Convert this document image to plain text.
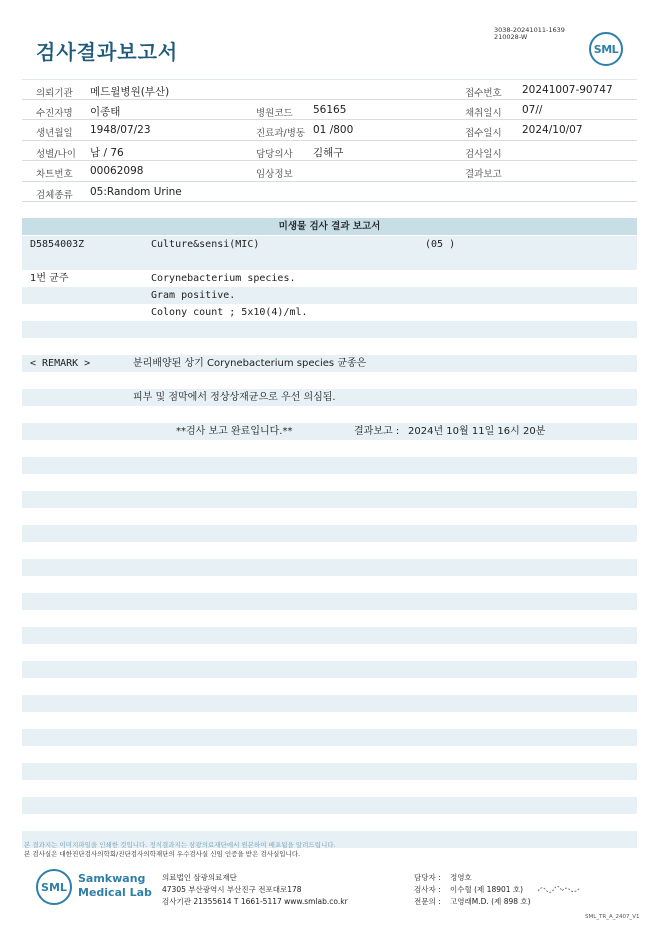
검사결과보고서
3038-20241011-1639
210028-W
SML
의뢰기관 메드윌병원(부산)	접수번호 20241007-90747
수진자명 이종태	병원코드 56165	채취일시 07//
생년월일 1948/07/23	진료과/병동 01 /800	접수일시 2024/10/07
성별/나이 남 / 76	담당의사 김해구	검사일시
차트번호 00062098	임상정보	결과보고
검체종류 05:Random Urine
미생물 검사 결과 보고서
D5854003Z	Culture&sensi(MIC)	(05 )
1번 균주	Corynebacterium species.
Gram positive.
Colony count ; 5x10(4)/ml.
< REMARK >	분리배양된 상기 Corynebacterium species 균종은
피부 및 점막에서 정상상재균으로 우선 의심됨.
**검사 보고 완료입니다.**	결과보고 : 2024년 10월 11일 16시 20분
본 결과지는 이미지파일을 인쇄한 것입니다. 정식결과지는 삼광의료재단에서 원본하여 배포됨을 알려드립니다.
본 검사실은 대한진단검사의학회/진단검사의학재단의 우수검사실 신임 인증을 받은 검사실입니다.
SML
Samkwang
Medical Lab
의료법인 삼광의료재단
47305 부산광역시 부산진구 전포대로178
검사기관 21355614 T 1661-5117 www.smlab.co.kr
담당자 : 정영호
검사자 : 이수혈 (제 18901 호)
전문의 : 고영래M.D. (제 898 호)
SML_TR_A_2407_V1
